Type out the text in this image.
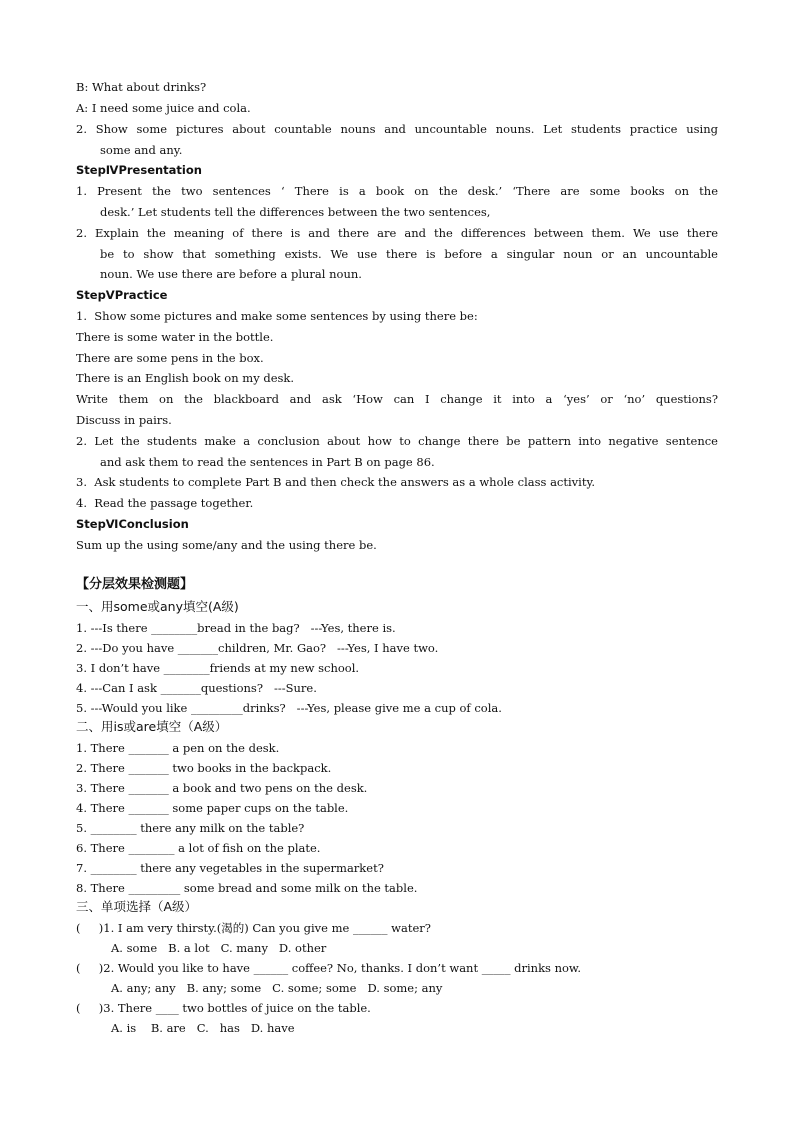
B: What about drinks?
A: I need some juice and cola.
2. Show some pictures about countable nouns and uncountable nouns. Let students practice using
some and any.
StepⅣPresentation
1. Present the two sentences ‘ There is a book on the desk.’ ‘There are some books on the
desk.’ Let students tell the differences between the two sentences,
2. Explain the meaning of there is and there are and the differences between them. We use there
be to show that something exists. We use there is before a singular noun or an uncountable
noun. We use there are before a plural noun.
StepⅤPractice
1.  Show some pictures and make some sentences by using there be:
There is some water in the bottle.
There are some pens in the box.
There is an English book on my desk.
Write them on the blackboard and ask ‘How can I change it into a ‘yes’ or ‘no’ questions?
Discuss in pairs.
2. Let the students make a conclusion about how to change there be pattern into negative sentence
and ask them to read the sentences in Part B on page 86.
3.  Ask students to complete Part B and then check the answers as a whole class activity.
4.  Read the passage together.
StepⅥConclusion
Sum up the using some/any and the using there be.
【分层效果检测题】
一、用some或any填空(A级)
1. ---Is there ________bread in the bag?   ---Yes, there is.
2. ---Do you have _______children, Mr. Gao?   ---Yes, I have two.
3. I don’t have ________friends at my new school.
4. ---Can I ask _______questions?   ---Sure.
5. ---Would you like _________drinks?   ---Yes, please give me a cup of cola.
二、用is或are填空（A级）
1. There _______ a pen on the desk.
2. There _______ two books in the backpack.
3. There _______ a book and two pens on the desk.
4. There _______ some paper cups on the table.
5. ________ there any milk on the table?
6. There ________ a lot of fish on the plate.
7. ________ there any vegetables in the supermarket?
8. There _________ some bread and some milk on the table.
三、单项选择（A级）
(     )1. I am very thirsty.(渴的) Can you give me ______ water?
A. some   B. a lot   C. many   D. other
(     )2. Would you like to have ______ coffee? No, thanks. I don’t want _____ drinks now.
A. any; any   B. any; some   C. some; some   D. some; any
(     )3. There ____ two bottles of juice on the table.
A. is    B. are   C.   has   D. have
